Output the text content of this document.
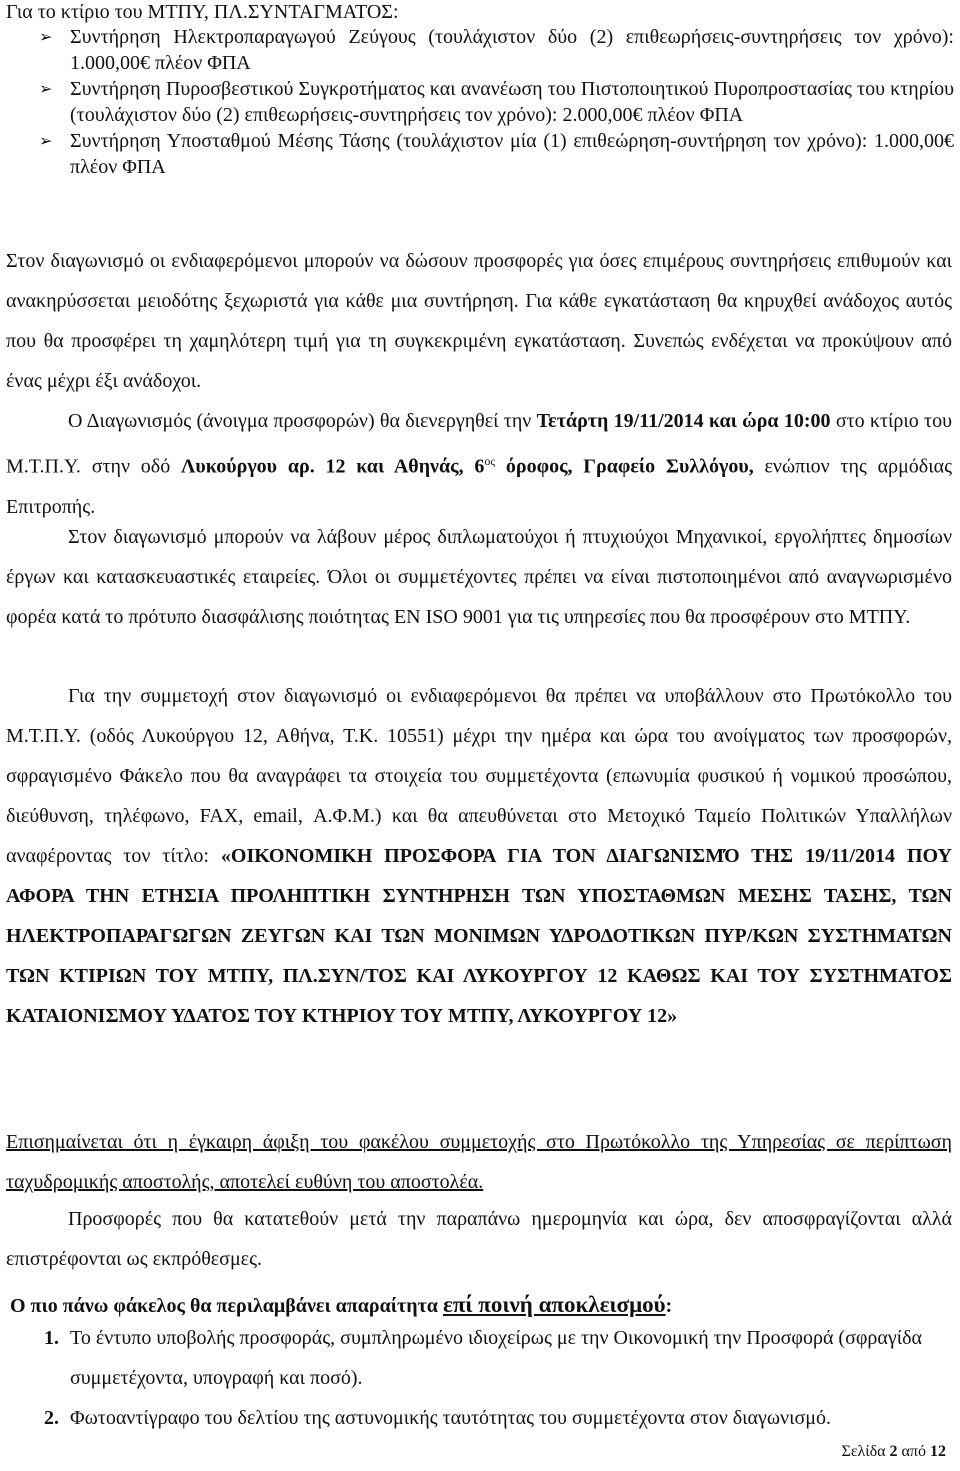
Για το κτίριο του ΜΤΠΥ, ΠΛ.ΣΥΝΤΑΓΜΑΤΟΣ:
➢ Συντήρηση Ηλεκτροπαραγωγού Ζεύγους (τουλάχιστον δύο (2) επιθεωρήσεις-συντηρήσεις τον χρόνο): 1.000,00€ πλέον ΦΠΑ
➢ Συντήρηση Πυροσβεστικού Συγκροτήματος και ανανέωση του Πιστοποιητικού Πυροπροστασίας του κτηρίου (τουλάχιστον δύο (2) επιθεωρήσεις-συντηρήσεις τον χρόνο): 2.000,00€ πλέον ΦΠΑ
➢ Συντήρηση Υποσταθμού Μέσης Τάσης (τουλάχιστον μία (1) επιθεώρηση-συντήρηση τον χρόνο): 1.000,00€ πλέον ΦΠΑ
Στον διαγωνισμό οι ενδιαφερόμενοι μπορούν να δώσουν προσφορές για όσες επιμέρους συντηρήσεις επιθυμούν και ανακηρύσσεται μειοδότης ξεχωριστά για κάθε μια συντήρηση. Για κάθε εγκατάσταση θα κηρυχθεί ανάδοχος αυτός που θα προσφέρει τη χαμηλότερη τιμή για τη συγκεκριμένη εγκατάσταση. Συνεπώς ενδέχεται να προκύψουν από ένας μέχρι έξι ανάδοχοι.
Ο Διαγωνισμός (άνοιγμα προσφορών) θα διενεργηθεί την Τετάρτη 19/11/2014 και ώρα 10:00 στο κτίριο του Μ.Τ.Π.Υ. στην οδό Λυκούργου αρ. 12 και Αθηνάς, $6^{o\varsigma}$ όροφος, Γραφείο Συλλόγου, ενώπιον της αρμόδιας Επιτροπής.
Στον διαγωνισμό μπορούν να λάβουν μέρος διπλωματούχοι ή πτυχιούχοι Μηχανικοί, εργολήπτες δημοσίων έργων και κατασκευαστικές εταιρείες. Όλοι οι συμμετέχοντες πρέπει να είναι πιστοποιημένοι από αναγνωρισμένο φορέα κατά το πρότυπο διασφάλισης ποιότητας EN ISO 9001 για τις υπηρεσίες που θα προσφέρουν στο ΜΤΠΥ.
Για την συμμετοχή στον διαγωνισμό οι ενδιαφερόμενοι θα πρέπει να υποβάλλουν στο Πρωτόκολλο του Μ.Τ.Π.Υ. (οδός Λυκούργου 12, Αθήνα, Τ.Κ. 10551) μέχρι την ημέρα και ώρα του ανοίγματος των προσφορών, σφραγισμένο Φάκελο που θα αναγράφει τα στοιχεία του συμμετέχοντα (επωνυμία φυσικού ή νομικού προσώπου, διεύθυνση, τηλέφωνο, FAX, email, Α.Φ.Μ.) και θα απευθύνεται στο Μετοχικό Ταμείο Πολιτικών Υπαλλήλων αναφέροντας τον τίτλο: «ΟΙΚΟΝΟΜΙΚΗ ΠΡΟΣΦΟΡΑ ΓΙΑ ΤΟΝ ΔΙΑΓΩΝΙΣΜΌ ΤΗΣ 19/11/2014 ΠΟΥ ΑΦΟΡΑ ΤΗΝ ΕΤΗΣΙΑ ΠΡΟΛΗΠΤΙΚΗ ΣΥΝΤΗΡΗΣΗ ΤΩΝ ΥΠΟΣΤΑΘΜΩΝ ΜΕΣΗΣ ΤΑΣΗΣ, ΤΩΝ ΗΛΕΚΤΡΟΠΑΡΑΓΩΓΩΝ ΖΕΥΓΩΝ ΚΑΙ ΤΩΝ ΜΟΝΙΜΩΝ ΥΔΡΟΔΟΤΙΚΩΝ ΠΥΡ/ΚΩΝ ΣΥΣΤΗΜΑΤΩΝ ΤΩΝ ΚΤΙΡΙΩΝ ΤΟΥ ΜΤΠΥ, ΠΛ.ΣΥΝ/ΤΟΣ ΚΑΙ ΛΥΚΟΥΡΓΟΥ 12 ΚΑΘΩΣ ΚΑΙ ΤΟΥ ΣΥΣΤΗΜΑΤΟΣ ΚΑΤΑΙΟΝΙΣΜΟΥ ΥΔΑΤΟΣ ΤΟΥ ΚΤΗΡΙΟΥ ΤΟΥ ΜΤΠΥ, ΛΥΚΟΥΡΓΟΥ 12»
Επισημαίνεται ότι η έγκαιρη άφιξη του φακέλου συμμετοχής στο Πρωτόκολλο της Υπηρεσίας σε περίπτωση ταχυδρομικής αποστολής, αποτελεί ευθύνη του αποστολέα.
Προσφορές που θα κατατεθούν μετά την παραπάνω ημερομηνία και ώρα, δεν αποσφραγίζονται αλλά επιστρέφονται ως εκπρόθεσμες.
Ο πιο πάνω φάκελος θα περιλαμβάνει απαραίτητα επί ποινή αποκλεισμού:
1. Το έντυπο υποβολής προσφοράς, συμπληρωμένο ιδιοχείρως με την Οικονομική την Προσφορά (σφραγίδα συμμετέχοντα, υπογραφή και ποσό).
2. Φωτοαντίγραφο του δελτίου της αστυνομικής ταυτότητας του συμμετέχοντα στον διαγωνισμό.
Σελίδα 2 από 12
